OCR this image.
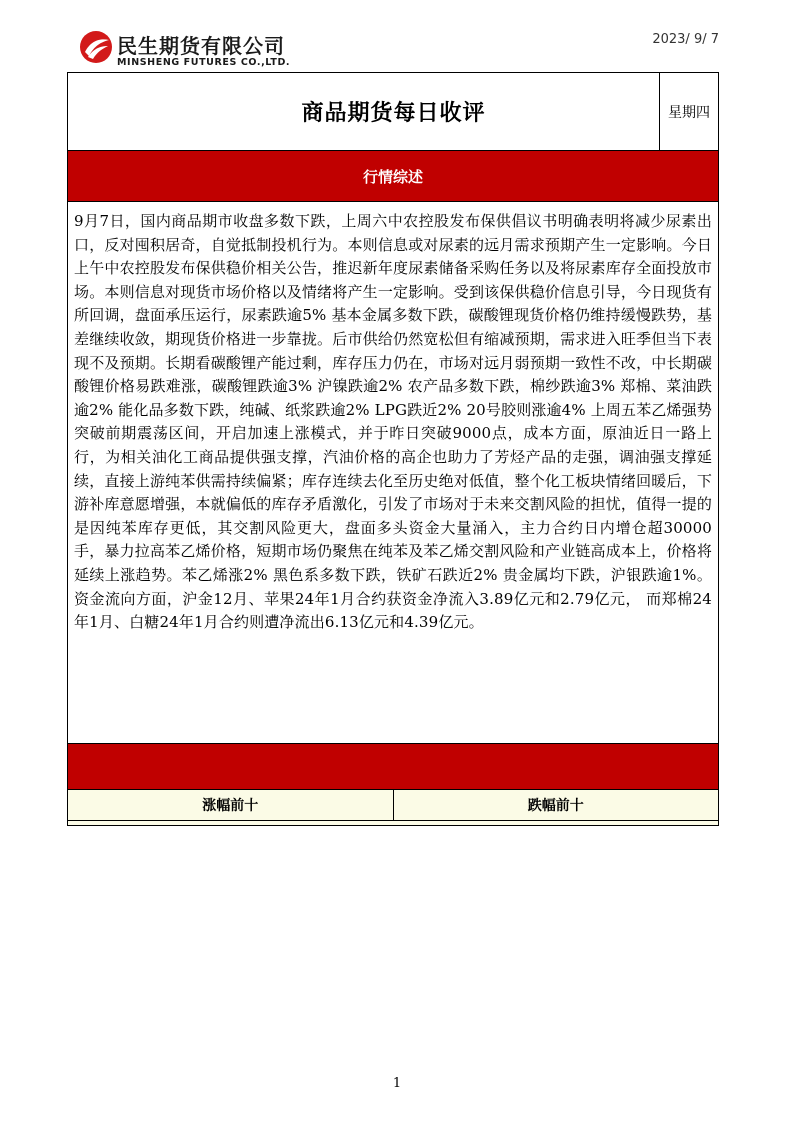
民生期货有限公司
MINSHENG FUTURES CO.,LTD.
2023/ 9/ 7
商品期货每日收评	星期四
行情综述
9月7日，国内商品期市收盘多数下跌，上周六中农控股发布保供倡议书明确表明将减少尿素出口，反对囤积居奇，自觉抵制投机行为。本则信息或对尿素的远月需求预期产生一定影响。今日上午中农控股发布保供稳价相关公告，推迟新年度尿素储备采购任务以及将尿素库存全面投放市场。本则信息对现货市场价格以及情绪将产生一定影响。受到该保供稳价信息引导，今日现货有所回调，盘面承压运行，尿素跌逾5% 基本金属多数下跌，碳酸锂现货价格仍维持缓慢跌势，基差继续收敛，期现货价格进一步靠拢。后市供给仍然宽松但有缩减预期，需求进入旺季但当下表现不及预期。长期看碳酸锂产能过剩，库存压力仍在，市场对远月弱预期一致性不改，中长期碳酸锂价格易跌难涨，碳酸锂跌逾3% 沪镍跌逾2% 农产品多数下跌，棉纱跌逾3% 郑棉、菜油跌逾2% 能化品多数下跌，纯碱、纸浆跌逾2% LPG跌近2% 20号胶则涨逾4% 上周五苯乙烯强势突破前期震荡区间，开启加速上涨模式，并于昨日突破9000点，成本方面，原油近日一路上行，为相关油化工商品提供强支撑，汽油价格的高企也助力了芳烃产品的走强，调油强支撑延续，直接上游纯苯供需持续偏紧；库存连续去化至历史绝对低值，整个化工板块情绪回暖后，下游补库意愿增强，本就偏低的库存矛盾激化，引发了市场对于未来交割风险的担忧，值得一提的是因纯苯库存更低，其交割风险更大，盘面多头资金大量涌入，主力合约日内增仓超30000手，暴力拉高苯乙烯价格，短期市场仍聚焦在纯苯及苯乙烯交割风险和产业链高成本上，价格将延续上涨趋势。苯乙烯涨2% 黑色系多数下跌，铁矿石跌近2% 贵金属均下跌，沪银跌逾1%。资金流向方面，沪金12月、苹果24年1月合约获资金净流入3.89亿元和2.79亿元， 而郑棉24年1月、白糖24年1月合约则遭净流出6.13亿元和4.39亿元。
涨幅前十	跌幅前十
1
